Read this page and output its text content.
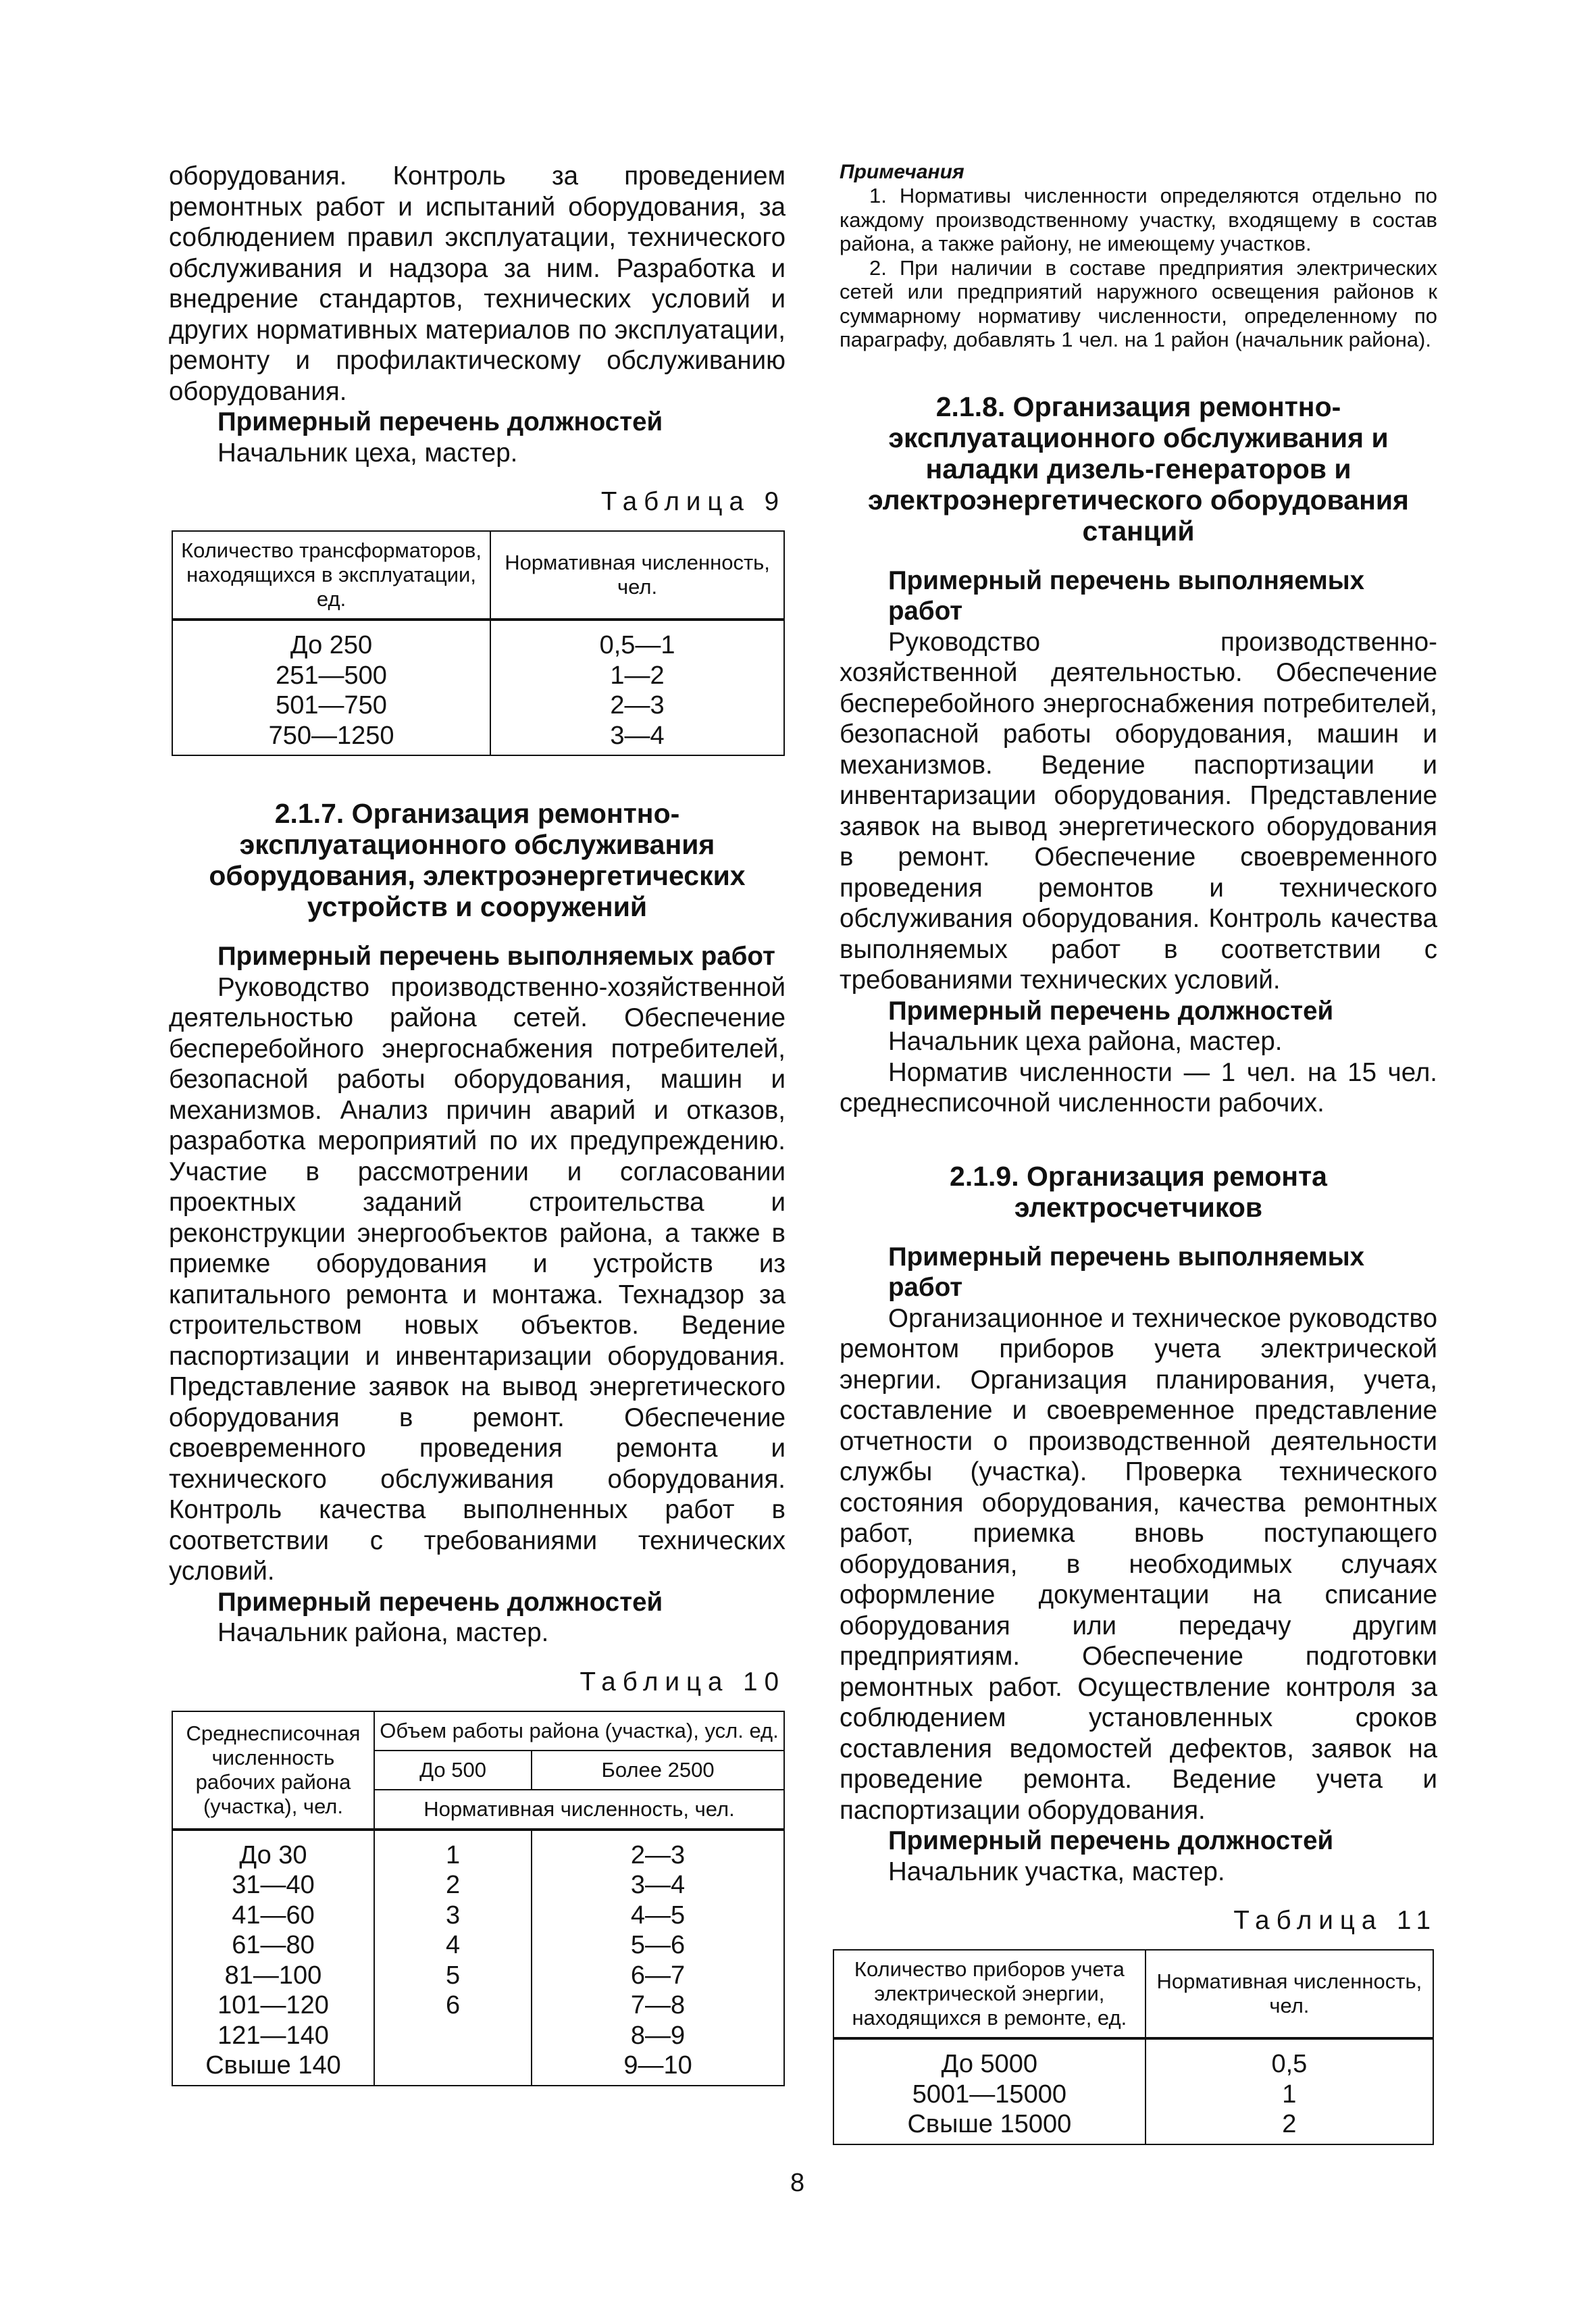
оборудования. Контроль за проведением ремонтных работ и испытаний оборудования, за соблюдением правил эксплуатации, технического обслуживания и надзора за ним. Разработка и внедрение стандартов, технических условий и других нормативных материалов по эксплуатации, ремонту и профилактическому обслуживанию оборудования.

Примерный перечень должностей

Начальник цеха, мастер.

Таблица 9

Количество трансформаторов, находящихся в эксплуатации, ед.	Нормативная численность, чел.
До 250	0,5—1
251—500	1—2
501—750	2—3
750—1250	3—4

2.1.7. Организация ремонтно-эксплуатационного обслуживания оборудования, электроэнергетических устройств и сооружений

Примерный перечень выполняемых работ

Руководство производственно-хозяйственной деятельностью района сетей. Обеспечение бесперебойного энергоснабжения потребителей, безопасной работы оборудования, машин и механизмов. Анализ причин аварий и отказов, разработка мероприятий по их предупреждению. Участие в рассмотрении и согласовании проектных заданий строительства и реконструкции энергообъектов района, а также в приемке оборудования и устройств из капитального ремонта и монтажа. Технадзор за строительством новых объектов. Ведение паспортизации и инвентаризации оборудования. Представление заявок на вывод энергетического оборудования в ремонт. Обеспечение своевременного проведения ремонта и технического обслуживания оборудования. Контроль качества выполненных работ в соответствии с требованиями технических условий.

Примерный перечень должностей

Начальник района, мастер.

Таблица 10

Среднесписочная численность рабочих района (участка), чел.	Объем работы района (участка), усл. ед.	
	До 500	Более 2500
	Нормативная численность, чел.	
До 30	1	2—3
31—40	2	3—4
41—60	3	4—5
61—80	4	5—6
81—100	5	6—7
101—120	6	7—8
121—140		8—9
Свыше 140		9—10

Примечания

1. Нормативы численности определяются отдельно по каждому производственному участку, входящему в состав района, а также району, не имеющему участков.

2. При наличии в составе предприятия электрических сетей или предприятий наружного освещения районов к суммарному нормативу численности, определенному по параграфу, добавлять 1 чел. на 1 район (начальник района).

2.1.8. Организация ремонтно-эксплуатационного обслуживания и наладки дизель-генераторов и электроэнергетического оборудования станций

Примерный перечень выполняемых работ

Руководство производственно-хозяйственной деятельностью. Обеспечение бесперебойного энергоснабжения потребителей, безопасной работы оборудования, машин и механизмов. Ведение паспортизации и инвентаризации оборудования. Представление заявок на вывод энергетического оборудования в ремонт. Обеспечение своевременного проведения ремонтов и технического обслуживания оборудования. Контроль качества выполняемых работ в соответствии с требованиями технических условий.

Примерный перечень должностей

Начальник цеха района, мастер.

Норматив численности — 1 чел. на 15 чел. среднесписочной численности рабочих.

2.1.9. Организация ремонта электросчетчиков

Примерный перечень выполняемых работ

Организационное и техническое руководство ремонтом приборов учета электрической энергии. Организация планирования, учета, составление и своевременное представление отчетности о производственной деятельности службы (участка). Проверка технического состояния оборудования, качества ремонтных работ, приемка вновь поступающего оборудования, в необходимых случаях оформление документации на списание оборудования или передачу другим предприятиям. Обеспечение подготовки ремонтных работ. Осуществление контроля за соблюдением установленных сроков составления ведомостей дефектов, заявок на проведение ремонта. Ведение учета и паспортизации оборудования.

Примерный перечень должностей

Начальник участка, мастер.

Таблица 11

Количество приборов учета электрической энергии, находящихся в ремонте, ед.	Нормативная численность, чел.
До 5000	0,5
5001—15000	1
Свыше 15000	2
8
